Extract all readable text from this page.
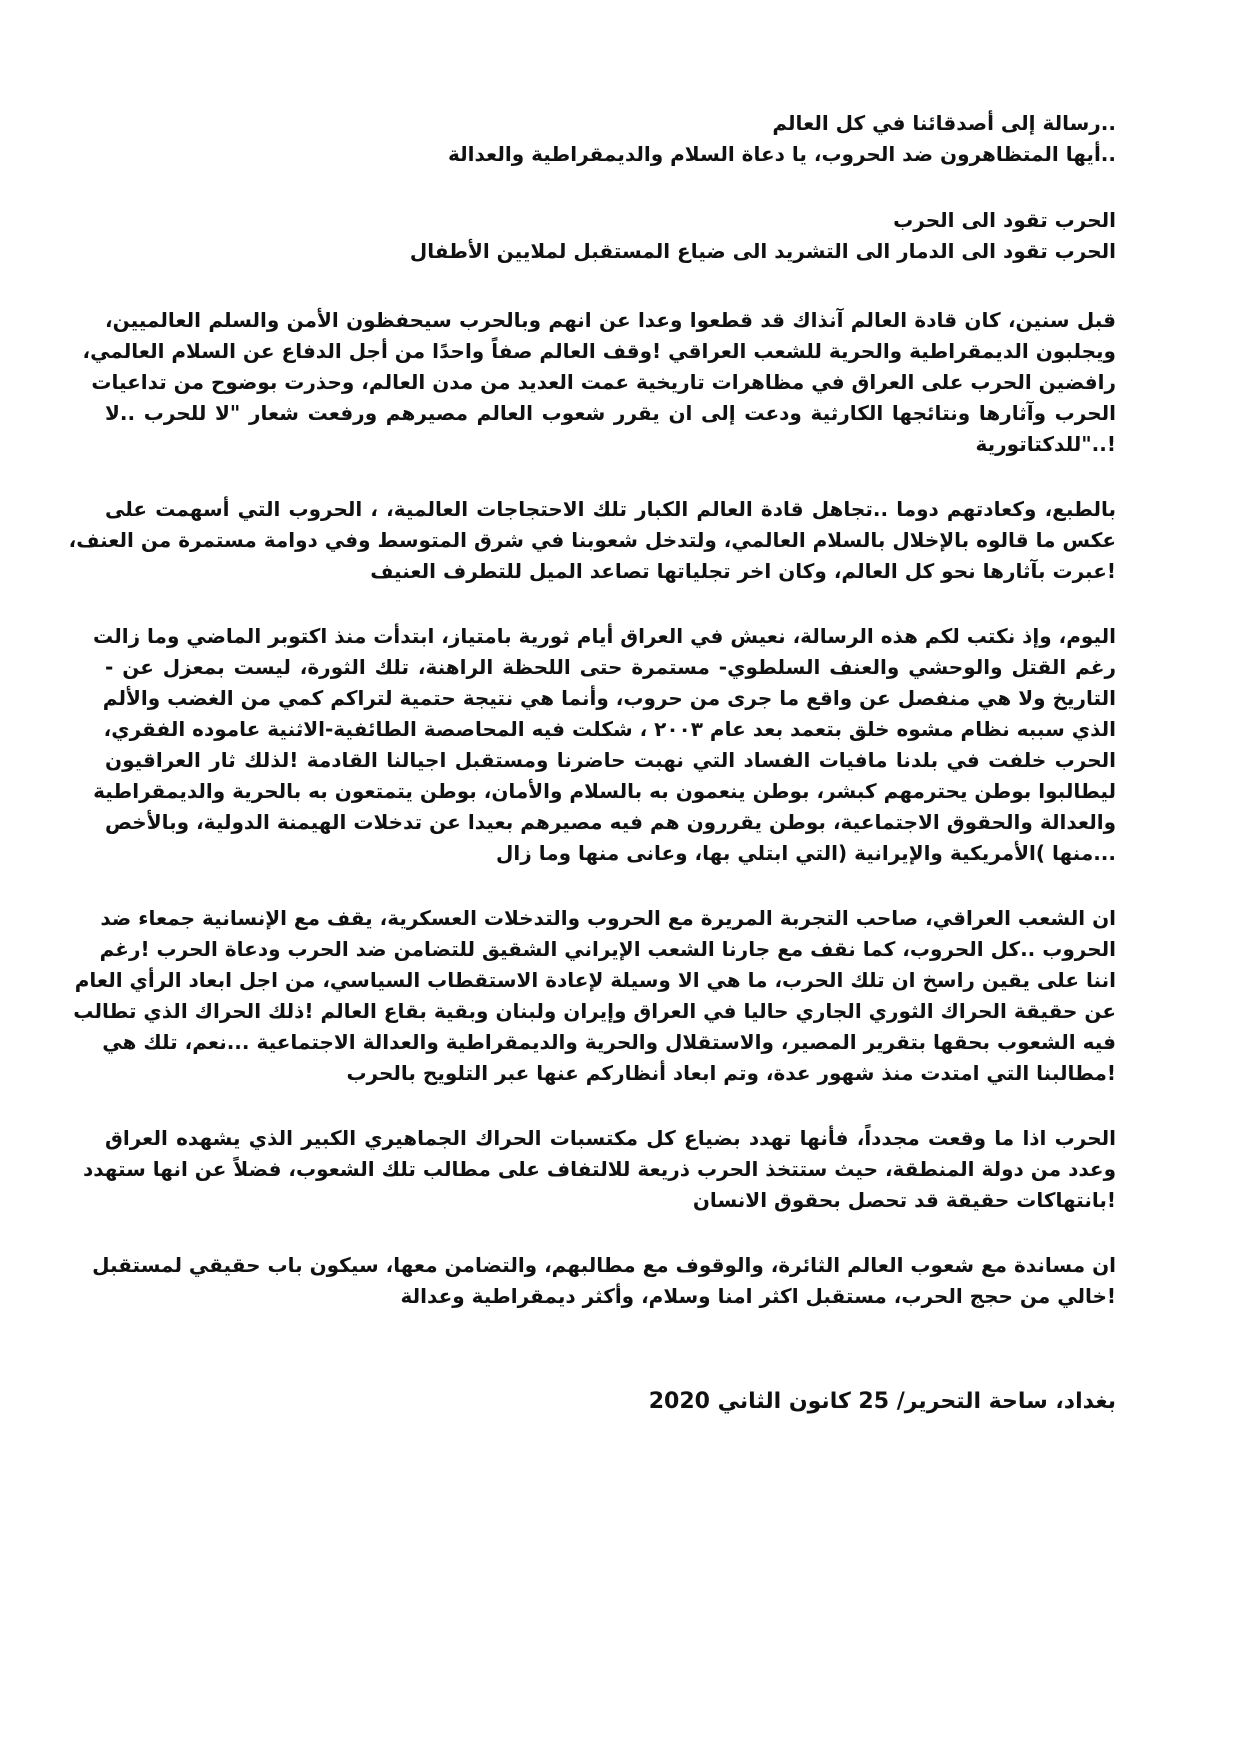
..رسالة إلى أصدقائنا في كل العالم
..أيها المتظاهرون ضد الحروب، يا دعاة السلام والديمقراطية والعدالة
الحرب تقود الى الحرب
الحرب تقود الى الدمار الى التشريد الى ضياع المستقبل لملايين الأطفال
قبل سنين، كان قادة العالم آنذاك قد قطعوا وعدا عن انهم وبالحرب سيحفظون الأمن والسلم العالميين،
ويجلبون الديمقراطية والحرية للشعب العراقي !وقف العالم صفاً واحدًا من أجل الدفاع عن السلام العالمي،
رافضين الحرب على العراق في مظاهرات تاريخية عمت العديد من مدن العالم، وحذرت بوضوح من تداعيات
الحرب وآثارها ونتائجها الكارثية ودعت إلى ان يقرر شعوب العالم مصيرهم ورفعت شعار "لا للحرب ..لا
!.."للدكتاتورية
بالطبع، وكعادتهم دوما ..تجاهل قادة العالم الكبار تلك الاحتجاجات العالمية، ، الحروب التي أسهمت على
عكس ما قالوه بالإخلال بالسلام العالمي، ولتدخل شعوبنا في شرق المتوسط وفي دوامة مستمرة من العنف،
!عبرت بآثارها نحو كل العالم، وكان اخر تجلياتها تصاعد الميل للتطرف العنيف
اليوم، وإذ نكتب لكم هذه الرسالة، نعيش في العراق أيام ثورية بامتياز، ابتدأت منذ اكتوبر الماضي وما زالت
رغم القتل والوحشي والعنف السلطوي- مستمرة حتى اللحظة الراهنة، تلك الثورة، ليست بمعزل عن -
التاريخ ولا هي منفصل عن واقع ما جرى من حروب، وأنما هي نتيجة حتمية لتراكم كمي من الغضب والألم
الذي سببه نظام مشوه خلق بتعمد بعد عام ٢٠٠٣ ، شكلت فيه المحاصصة الطائفية-الاثنية عاموده الفقري،
الحرب خلفت في بلدنا مافيات الفساد التي نهبت حاضرنا ومستقبل اجيالنا القادمة !لذلك ثار العراقيون
ليطالبوا بوطن يحترمهم كبشر، بوطن ينعمون به بالسلام والأمان، بوطن يتمتعون به بالحرية والديمقراطية
والعدالة والحقوق الاجتماعية، بوطن يقررون هم فيه مصيرهم بعيدا عن تدخلات الهيمنة الدولية، وبالأخص
...منها )الأمريكية والإيرانية (التي ابتلي بها، وعانى منها وما زال
ان الشعب العراقي، صاحب التجربة المريرة مع الحروب والتدخلات العسكرية، يقف مع الإنسانية جمعاء ضد
الحروب ..كل الحروب، كما نقف مع جارنا الشعب الإيراني الشقيق للتضامن ضد الحرب ودعاة الحرب !رغم
اننا على يقين راسخ ان تلك الحرب، ما هي الا وسيلة لإعادة الاستقطاب السياسي، من اجل ابعاد الرأي العام
عن حقيقة الحراك الثوري الجاري حاليا في العراق وإيران ولبنان وبقية بقاع العالم !ذلك الحراك الذي تطالب
فيه الشعوب بحقها بتقرير المصير، والاستقلال والحرية والديمقراطية والعدالة الاجتماعية ...نعم، تلك هي
!مطالبنا التي امتدت منذ شهور عدة، وتم ابعاد أنظاركم عنها عبر التلويح بالحرب
الحرب اذا ما وقعت مجدداً، فأنها تهدد بضياع كل مكتسبات الحراك الجماهيري الكبير الذي يشهده العراق
وعدد من دولة المنطقة، حيث ستتخذ الحرب ذريعة للالتفاف على مطالب تلك الشعوب، فضلاً عن انها ستهدد
!بانتهاكات حقيقة قد تحصل بحقوق الانسان
ان مساندة مع شعوب العالم الثائرة، والوقوف مع مطالبهم، والتضامن معها، سيكون باب حقيقي لمستقبل
!خالي من حجج الحرب، مستقبل اكثر امنا وسلام، وأكثر ديمقراطية وعدالة
بغداد، ساحة التحرير/ 25 كانون الثاني 2020
